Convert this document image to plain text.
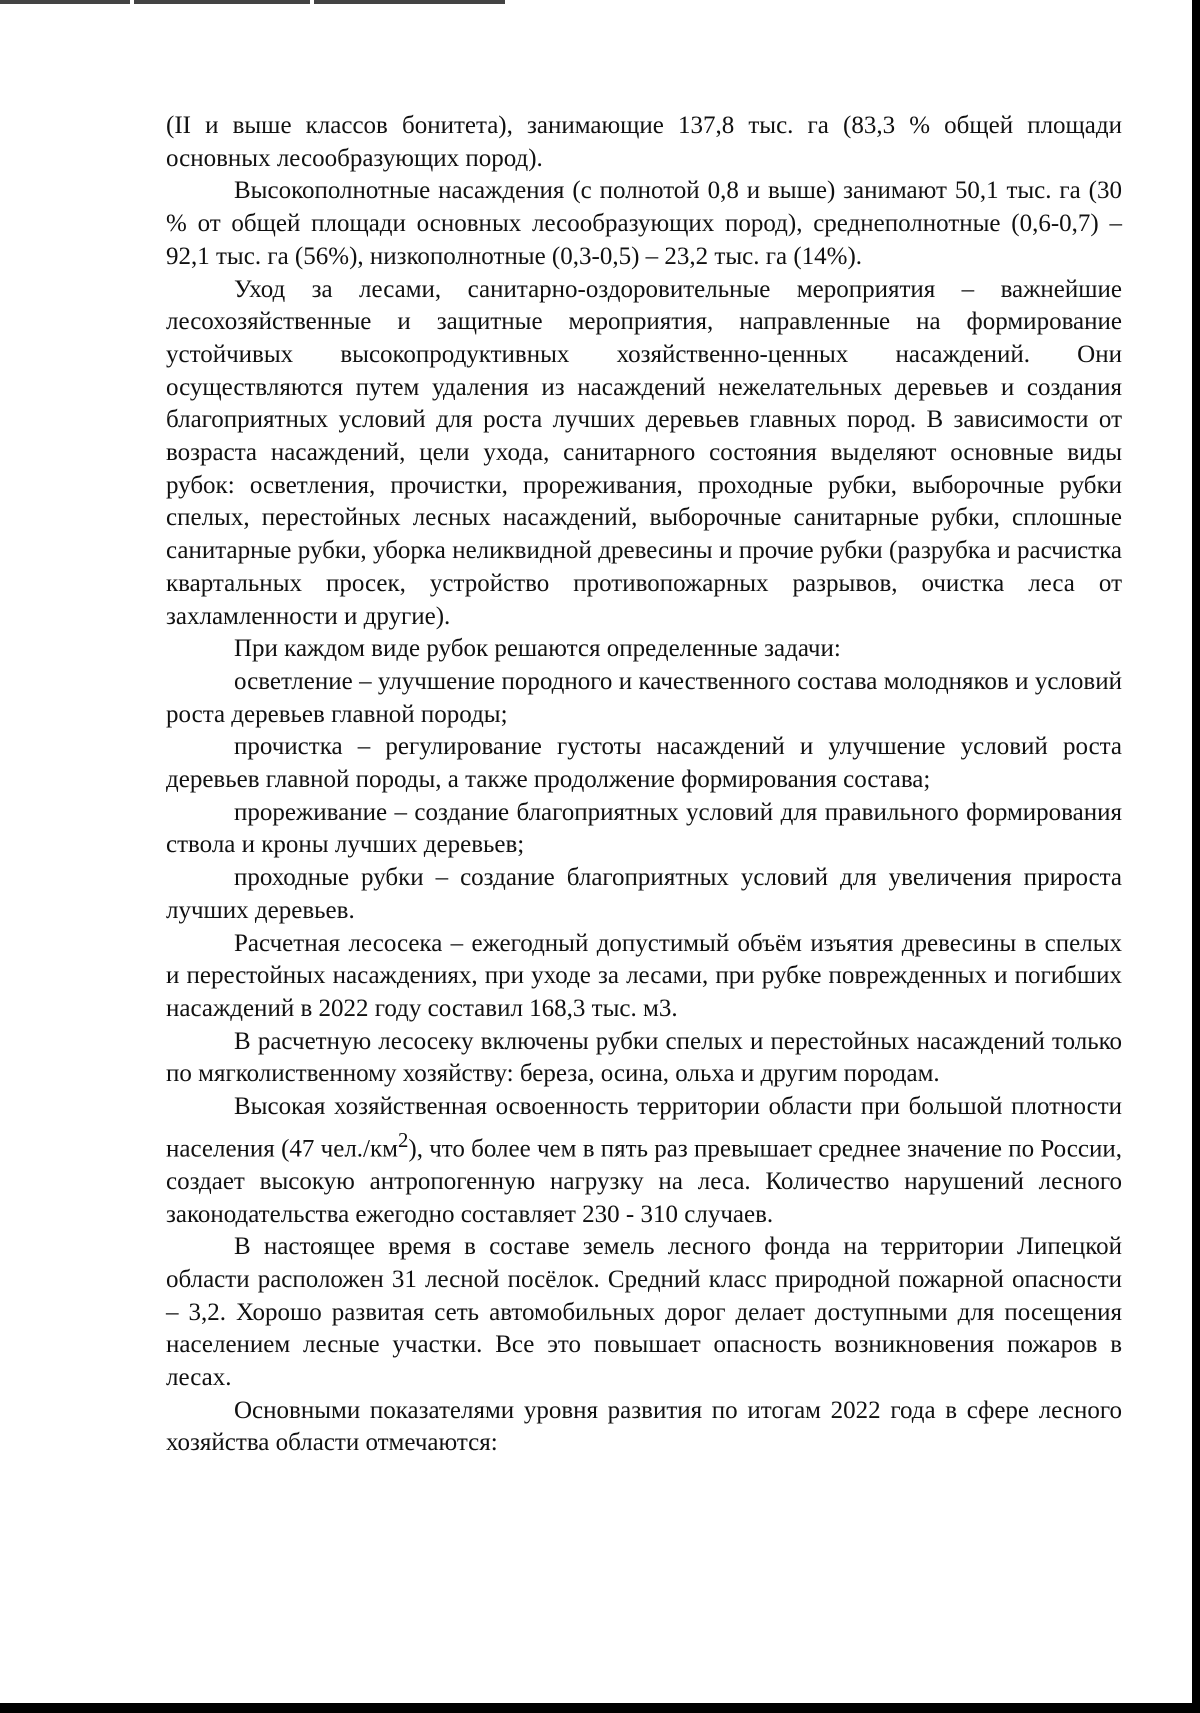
(II и выше классов бонитета), занимающие 137,8 тыс. га (83,3 % общей площади основных лесообразующих пород).

Высокополнотные насаждения (с полнотой 0,8 и выше) занимают 50,1 тыс. га (30 % от общей площади основных лесообразующих пород), среднеполнотные (0,6-0,7) – 92,1 тыс. га (56%), низкополнотные (0,3-0,5) – 23,2 тыс. га (14%).

Уход за лесами, санитарно-оздоровительные мероприятия – важнейшие лесохозяйственные и защитные мероприятия, направленные на формирование устойчивых высокопродуктивных хозяйственно-ценных насаждений. Они осуществляются путем удаления из насаждений нежелательных деревьев и создания благоприятных условий для роста лучших деревьев главных пород. В зависимости от возраста насаждений, цели ухода, санитарного состояния выделяют основные виды рубок: осветления, прочистки, прореживания, проходные рубки, выборочные рубки спелых, перестойных лесных насаждений, выборочные санитарные рубки, сплошные санитарные рубки, уборка неликвидной древесины и прочие рубки (разрубка и расчистка квартальных просек, устройство противопожарных разрывов, очистка леса от захламленности и другие).

При каждом виде рубок решаются определенные задачи:

осветление – улучшение породного и качественного состава молодняков и условий роста деревьев главной породы;

прочистка – регулирование густоты насаждений и улучшение условий роста деревьев главной породы, а также продолжение формирования состава;

прореживание – создание благоприятных условий для правильного формирования ствола и кроны лучших деревьев;

проходные рубки – создание благоприятных условий для увеличения прироста лучших деревьев.

Расчетная лесосека – ежегодный допустимый объём изъятия древесины в спелых и перестойных насаждениях, при уходе за лесами, при рубке поврежденных и погибших насаждений в 2022 году составил 168,3 тыс. м3.

В расчетную лесосеку включены рубки спелых и перестойных насаждений только по мягколиственному хозяйству: береза, осина, ольха и другим породам.

Высокая хозяйственная освоенность территории области при большой плотности населения (47 $чел./км^2$), что более чем в пять раз превышает среднее значение по России, создает высокую антропогенную нагрузку на леса. Количество нарушений лесного законодательства ежегодно составляет 230 - 310 случаев.

В настоящее время в составе земель лесного фонда на территории Липецкой области расположен 31 лесной посёлок. Средний класс природной пожарной опасности – 3,2. Хорошо развитая сеть автомобильных дорог делает доступными для посещения населением лесные участки. Все это повышает опасность возникновения пожаров в лесах.

Основными показателями уровня развития по итогам 2022 года в сфере лесного хозяйства области отмечаются:
